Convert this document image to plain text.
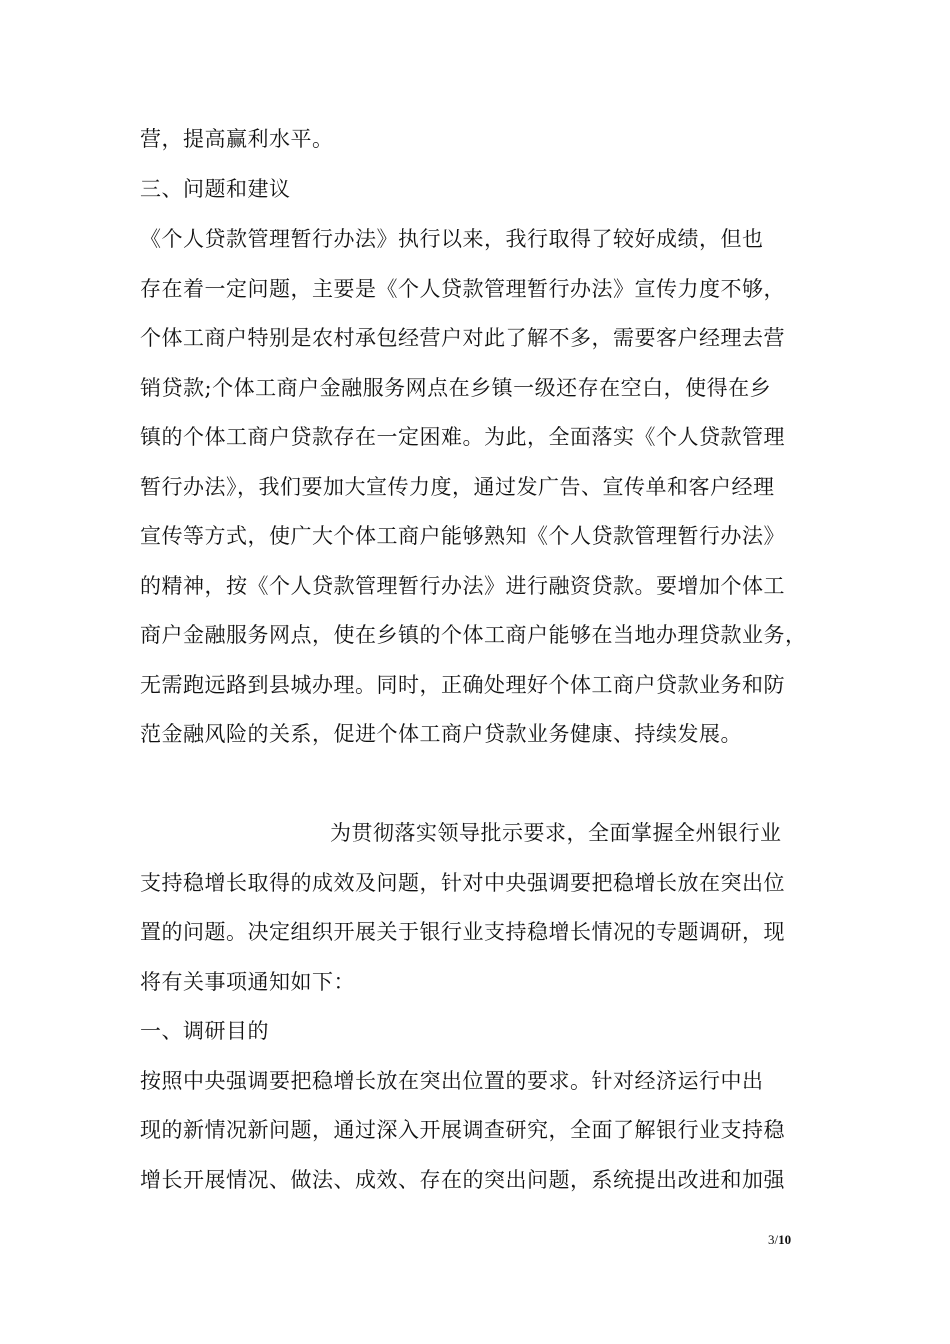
营，提高赢利水平。
三、问题和建议
《个人贷款管理暂行办法》执行以来，我行取得了较好成绩，但也
存在着一定问题，主要是《个人贷款管理暂行办法》宣传力度不够，
个体工商户特别是农村承包经营户对此了解不多，需要客户经理去营
销贷款;个体工商户金融服务网点在乡镇一级还存在空白，使得在乡
镇的个体工商户贷款存在一定困难。为此，全面落实《个人贷款管理
暂行办法》，我们要加大宣传力度，通过发广告、宣传单和客户经理
宣传等方式，使广大个体工商户能够熟知《个人贷款管理暂行办法》
的精神，按《个人贷款管理暂行办法》进行融资贷款。要增加个体工
商户金融服务网点，使在乡镇的个体工商户能够在当地办理贷款业务，
无需跑远路到县城办理。同时，正确处理好个体工商户贷款业务和防
范金融风险的关系，促进个体工商户贷款业务健康、持续发展。
为贯彻落实领导批示要求，全面掌握全州银行业
支持稳增长取得的成效及问题，针对中央强调要把稳增长放在突出位
置的问题。决定组织开展关于银行业支持稳增长情况的专题调研，现
将有关事项通知如下：
一、调研目的
按照中央强调要把稳增长放在突出位置的要求。针对经济运行中出
现的新情况新问题，通过深入开展调查研究，全面了解银行业支持稳
增长开展情况、做法、成效、存在的突出问题，系统提出改进和加强
3/10
